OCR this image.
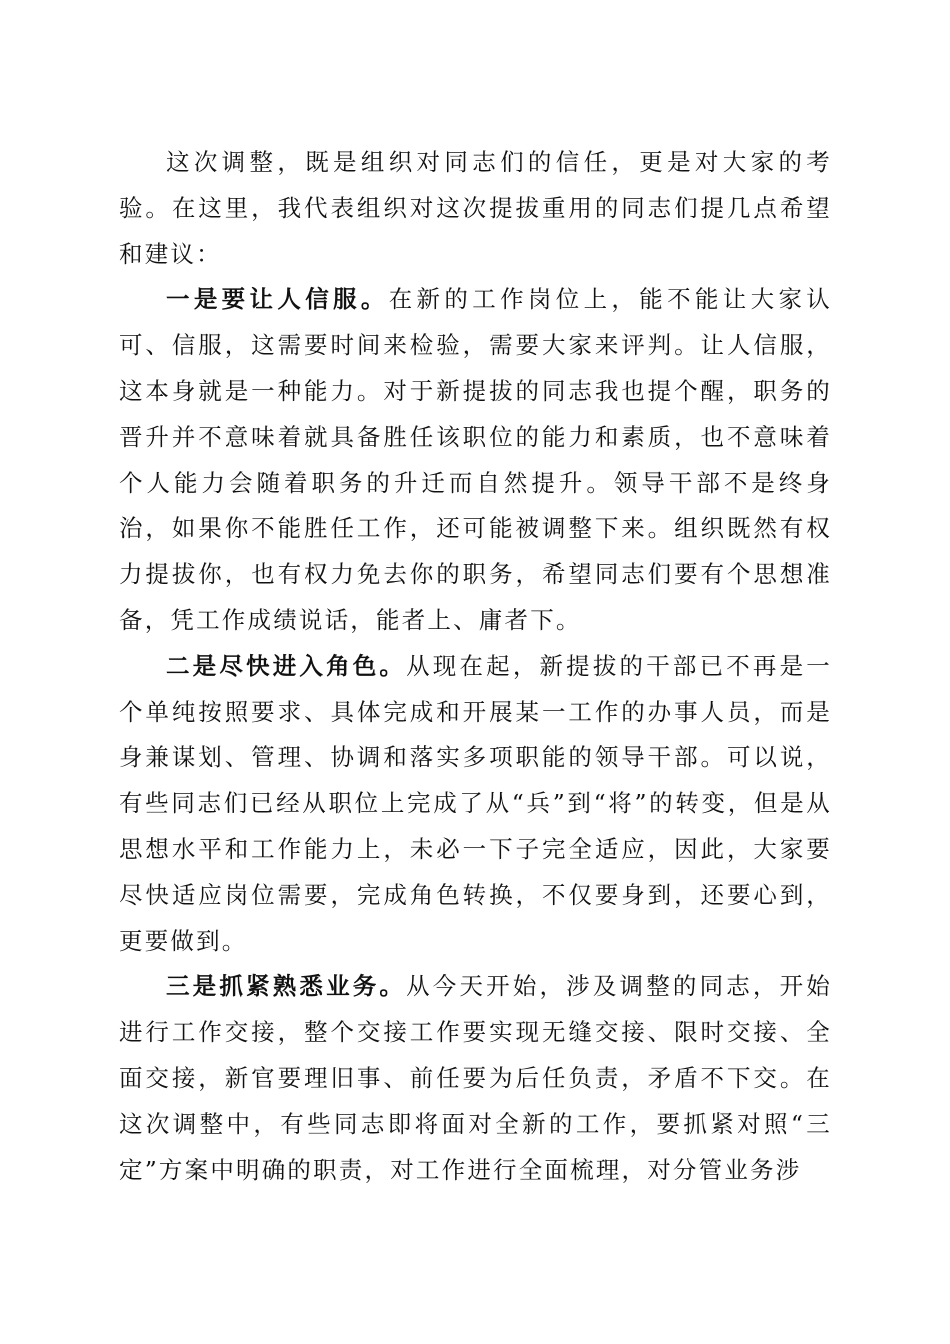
这次调整，既是组织对同志们的信任，更是对大家的考验。在这里，我代表组织对这次提拔重用的同志们提几点希望和建议：

一是要让人信服。在新的工作岗位上，能不能让大家认可、信服，这需要时间来检验，需要大家来评判。让人信服，这本身就是一种能力。对于新提拔的同志我也提个醒，职务的晋升并不意味着就具备胜任该职位的能力和素质，也不意味着个人能力会随着职务的升迁而自然提升。领导干部不是终身治，如果你不能胜任工作，还可能被调整下来。组织既然有权力提拔你，也有权力免去你的职务，希望同志们要有个思想准备，凭工作成绩说话，能者上、庸者下。

二是尽快进入角色。从现在起，新提拔的干部已不再是一个单纯按照要求、具体完成和开展某一工作的办事人员，而是身兼谋划、管理、协调和落实多项职能的领导干部。可以说，有些同志们已经从职位上完成了从“兵”到“将”的转变，但是从思想水平和工作能力上，未必一下子完全适应，因此，大家要尽快适应岗位需要，完成角色转换，不仅要身到，还要心到，更要做到。

三是抓紧熟悉业务。从今天开始，涉及调整的同志，开始进行工作交接，整个交接工作要实现无缝交接、限时交接、全面交接，新官要理旧事、前任要为后任负责，矛盾不下交。在这次调整中，有些同志即将面对全新的工作，要抓紧对照“三定”方案中明确的职责，对工作进行全面梳理，对分管业务涉
